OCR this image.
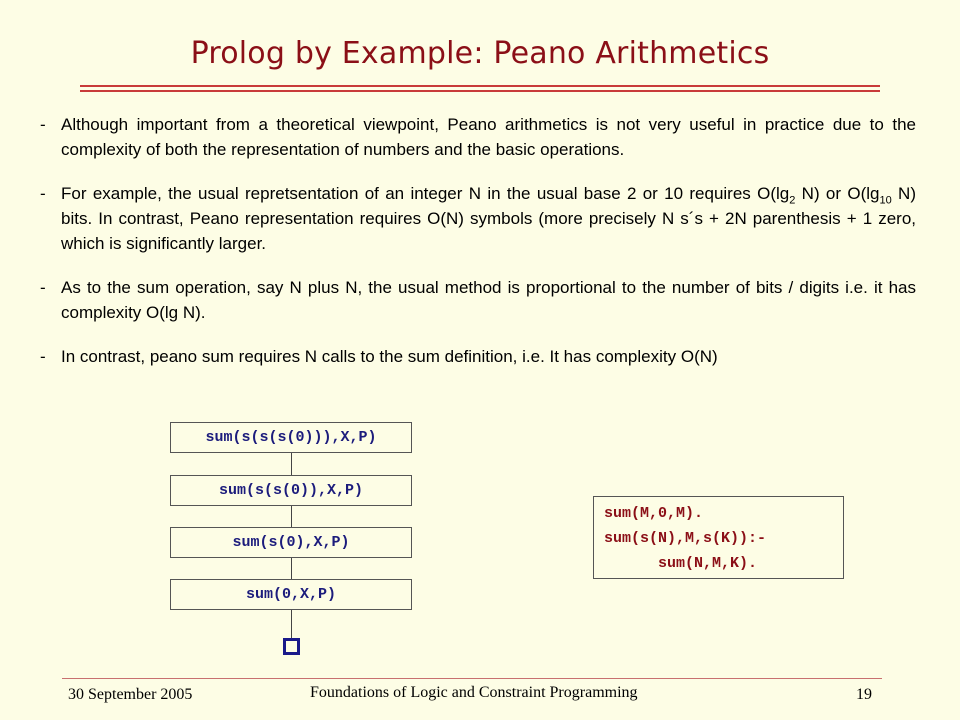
Prolog by Example: Peano Arithmetics
- Although important from a theoretical viewpoint, Peano arithmetics is not very useful in practice due to the complexity of both the representation of numbers and the basic operations.
- For example, the usual repretsentation of an integer N in the usual base 2 or 10 requires $O(\lg_2$ N) or $O(\lg_{10}$ N) bits. In contrast, Peano representation requires O(N) symbols (more precisely N s´s + 2N parenthesis + 1 zero, which is significantly larger.
- As to the sum operation, say N plus N, the usual method is proportional to the number of bits / digits i.e. it has complexity O(lg N).
- In contrast, peano sum requires N calls to the sum definition, i.e. It has complexity O(N)
sum(s(s(s(0))),X,P)
sum(s(s(0)),X,P)
sum(s(0),X,P)
sum(0,X,P)
sum(M,0,M).
sum(s(N),M,s(K)):-
sum(N,M,K).
30 September 2005	Foundations of Logic and Constraint Programming	19
